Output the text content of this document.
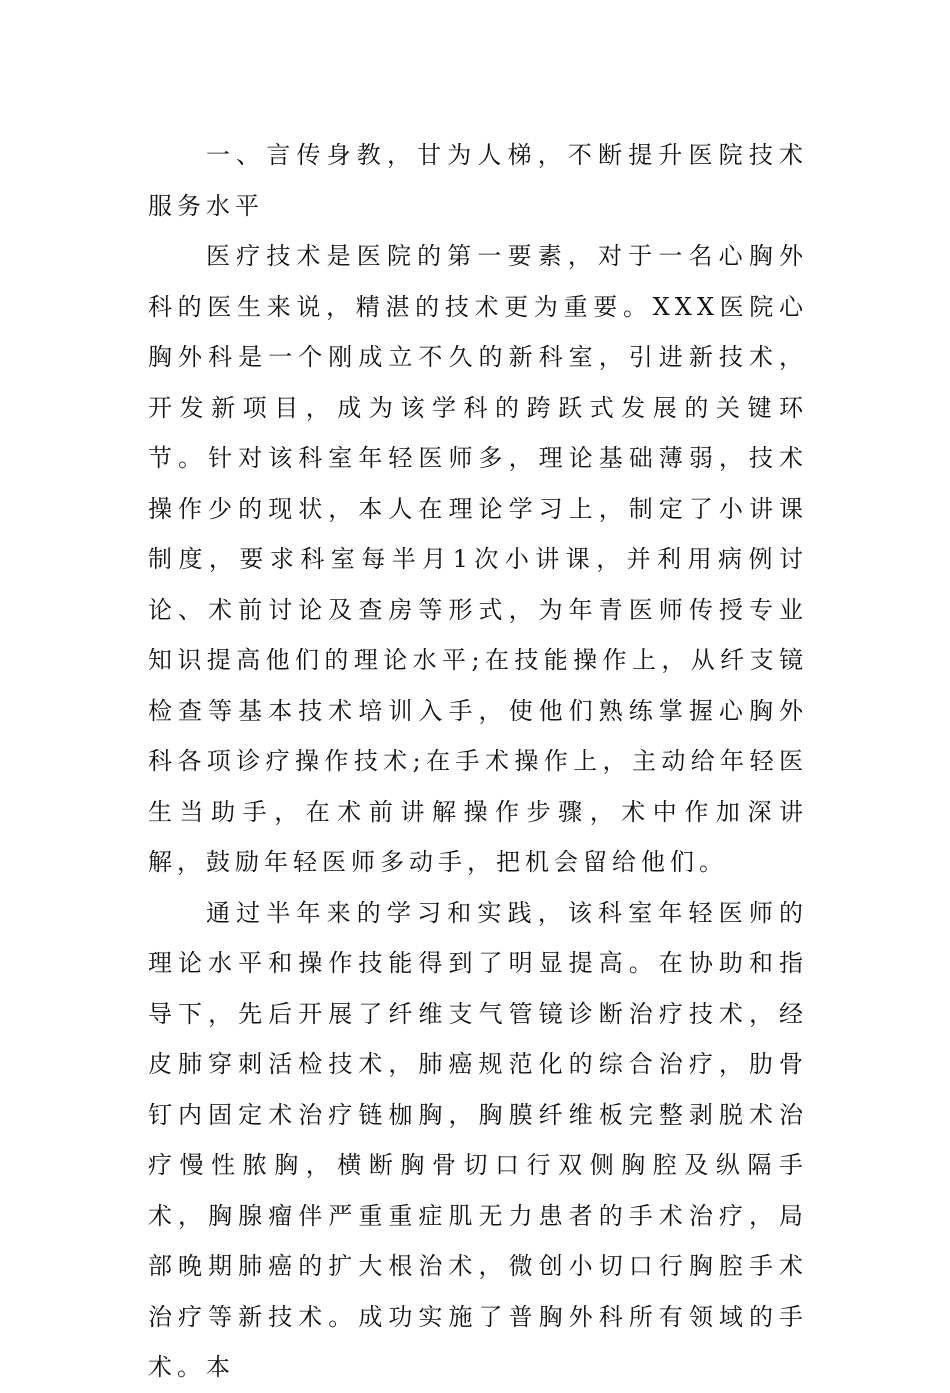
一、言传身教，甘为人梯，不断提升医院技术服务水平

医疗技术是医院的第一要素，对于一名心胸外科的医生来说，精湛的技术更为重要。XXX医院心胸外科是一个刚成立不久的新科室，引进新技术，开发新项目，成为该学科的跨跃式发展的关键环节。针对该科室年轻医师多，理论基础薄弱，技术操作少的现状，本人在理论学习上，制定了小讲课制度，要求科室每半月1次小讲课，并利用病例讨论、术前讨论及查房等形式，为年青医师传授专业知识提高他们的理论水平;在技能操作上，从纤支镜检查等基本技术培训入手，使他们熟练掌握心胸外科各项诊疗操作技术;在手术操作上，主动给年轻医生当助手，在术前讲解操作步骤，术中作加深讲解，鼓励年轻医师多动手，把机会留给他们。

通过半年来的学习和实践，该科室年轻医师的理论水平和操作技能得到了明显提高。在协助和指导下，先后开展了纤维支气管镜诊断治疗技术，经皮肺穿刺活检技术，肺癌规范化的综合治疗，肋骨钉内固定术治疗链枷胸，胸膜纤维板完整剥脱术治疗慢性脓胸，横断胸骨切口行双侧胸腔及纵隔手术，胸腺瘤伴严重重症肌无力患者的手术治疗，局部晚期肺癌的扩大根治术，微创小切口行胸腔手术治疗等新技术。成功实施了普胸外科所有领域的手术。本
